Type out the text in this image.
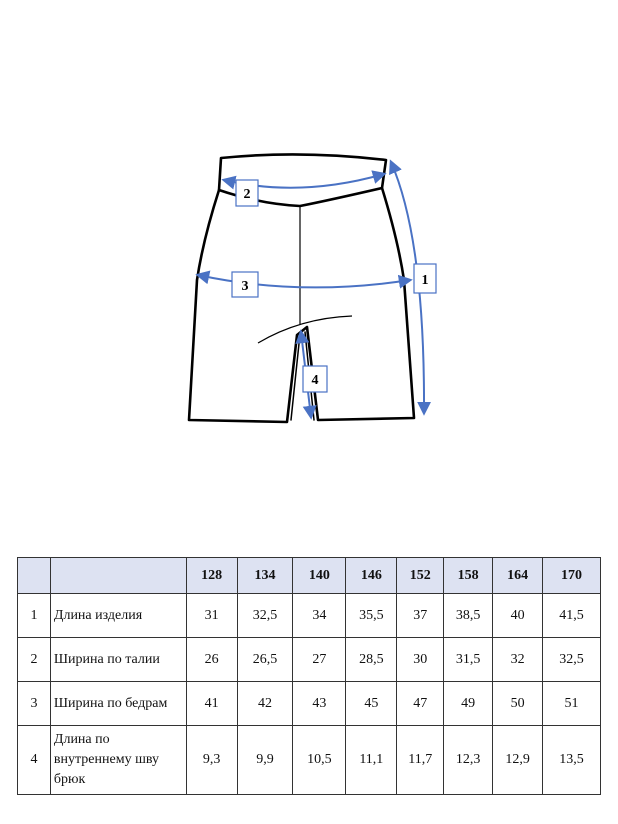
1
2
3
4
		128	134	140	146	152	158	164	170
1	Длина изделия	31	32,5	34	35,5	37	38,5	40	41,5
2	Ширина по талии	26	26,5	27	28,5	30	31,5	32	32,5
3	Ширина по бедрам	41	42	43	45	47	49	50	51
4	Длина по внутреннему шву брюк	9,3	9,9	10,5	11,1	11,7	12,3	12,9	13,5
